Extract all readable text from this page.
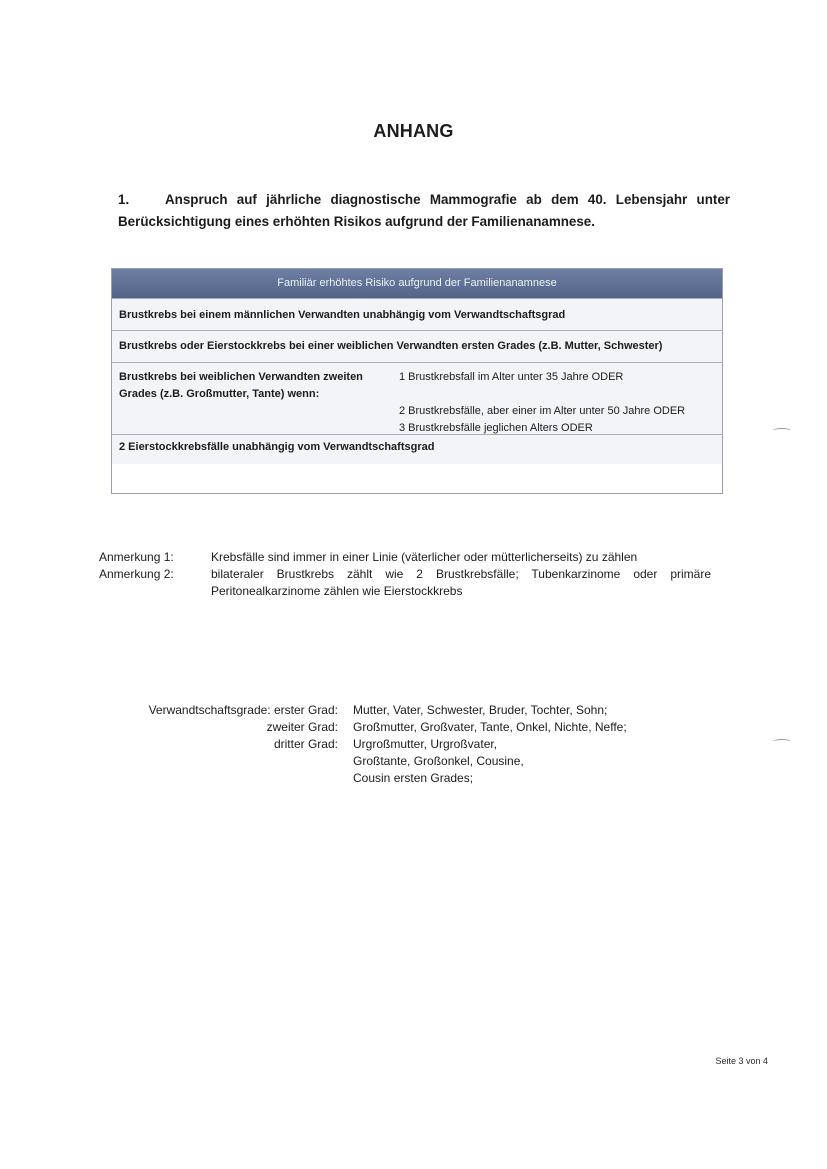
ANHANG
1.	Anspruch auf jährliche diagnostische Mammografie ab dem 40. Lebensjahr unter Berücksichtigung eines erhöhten Risikos aufgrund der Familienanamnese.
Familiär erhöhtes Risiko aufgrund der Familienanamnese
Brustkrebs bei einem männlichen Verwandten unabhängig vom Verwandtschaftsgrad
Brustkrebs oder Eierstockkrebs bei einer weiblichen Verwandten ersten Grades (z.B. Mutter, Schwester)
Brustkrebs bei weiblichen Verwandten zweiten Grades (z.B. Großmutter, Tante) wenn:
1 Brustkrebsfall im Alter unter 35 Jahre ODER
2 Brustkrebsfälle, aber einer im Alter unter 50 Jahre ODER
3 Brustkrebsfälle jeglichen Alters ODER
2 Eierstockkrebsfälle unabhängig vom Verwandtschaftsgrad
Anmerkung 1:	Krebsfälle sind immer in einer Linie (väterlicher oder mütterlicherseits) zu zählen
Anmerkung 2:	bilateraler Brustkrebs zählt wie 2 Brustkrebsfälle; Tubenkarzinome oder primäre Peritonealkarzinome zählen wie Eierstockkrebs
Verwandtschaftsgrade: erster Grad: Mutter, Vater, Schwester, Bruder, Tochter, Sohn;
zweiter Grad: Großmutter, Großvater, Tante, Onkel, Nichte, Neffe;
dritter Grad: Urgroßmutter, Urgroßvater, Großtante, Großonkel, Cousine, Cousin ersten Grades;
Seite 3 von 4
